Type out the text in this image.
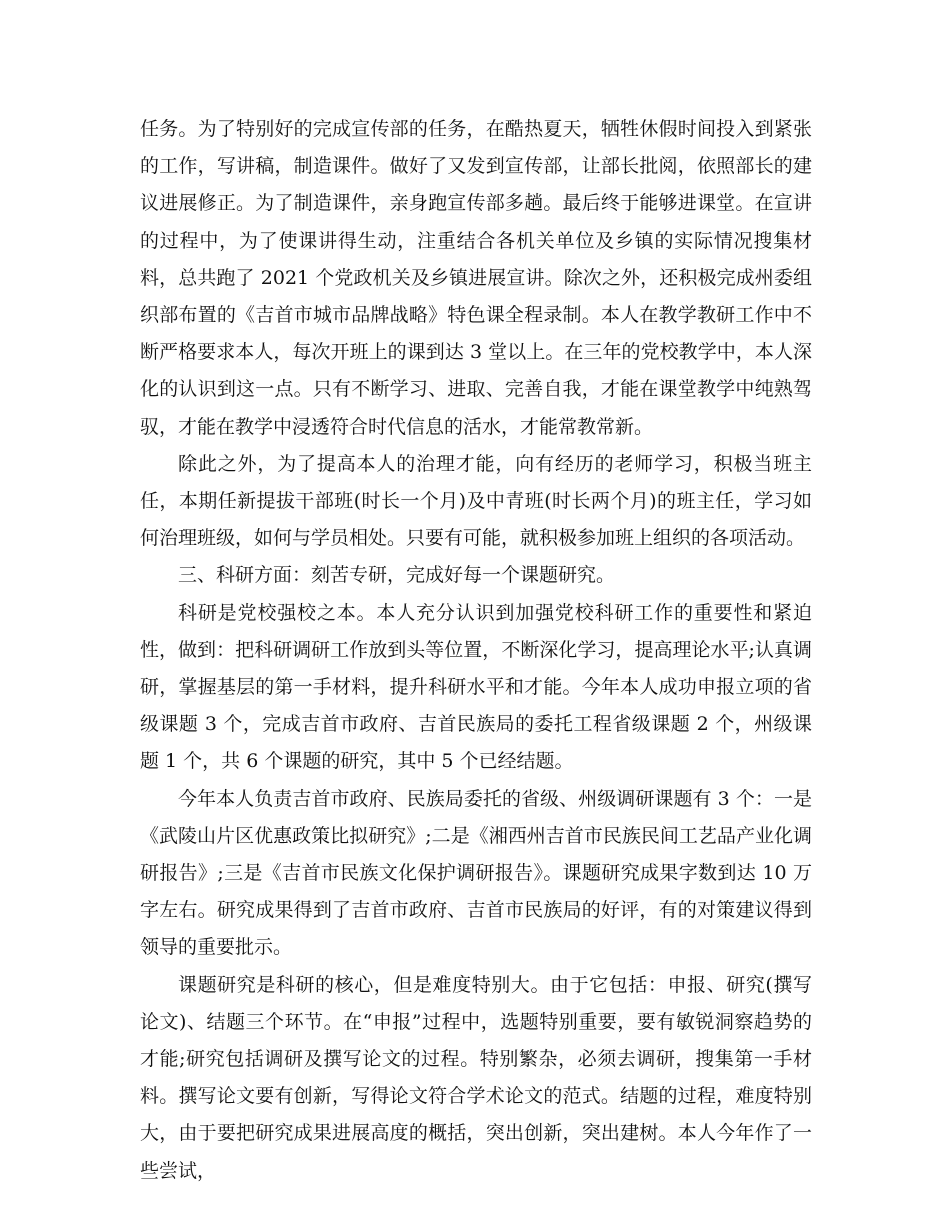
任务。为了特别好的完成宣传部的任务，在酷热夏天，牺牲休假时间投入到紧张的工作，写讲稿，制造课件。做好了又发到宣传部，让部长批阅，依照部长的建议进展修正。为了制造课件，亲身跑宣传部多趟。最后终于能够进课堂。在宣讲的过程中，为了使课讲得生动，注重结合各机关单位及乡镇的实际情况搜集材料，总共跑了 2021 个党政机关及乡镇进展宣讲。除次之外，还积极完成州委组织部布置的《吉首市城市品牌战略》特色课全程录制。本人在教学教研工作中不断严格要求本人，每次开班上的课到达 3 堂以上。在三年的党校教学中，本人深化的认识到这一点。只有不断学习、进取、完善自我，才能在课堂教学中纯熟驾驭，才能在教学中浸透符合时代信息的活水，才能常教常新。

除此之外，为了提高本人的治理才能，向有经历的老师学习，积极当班主任，本期任新提拔干部班(时长一个月)及中青班(时长两个月)的班主任，学习如何治理班级，如何与学员相处。只要有可能，就积极参加班上组织的各项活动。

三、科研方面：刻苦专研，完成好每一个课题研究。

科研是党校强校之本。本人充分认识到加强党校科研工作的重要性和紧迫性，做到：把科研调研工作放到头等位置，不断深化学习，提高理论水平;认真调研，掌握基层的第一手材料，提升科研水平和才能。今年本人成功申报立项的省级课题 3 个，完成吉首市政府、吉首民族局的委托工程省级课题 2 个，州级课题 1 个，共 6 个课题的研究，其中 5 个已经结题。

今年本人负责吉首市政府、民族局委托的省级、州级调研课题有 3 个：一是《武陵山片区优惠政策比拟研究》;二是《湘西州吉首市民族民间工艺品产业化调研报告》;三是《吉首市民族文化保护调研报告》。课题研究成果字数到达 10 万字左右。研究成果得到了吉首市政府、吉首市民族局的好评，有的对策建议得到领导的重要批示。

课题研究是科研的核心，但是难度特别大。由于它包括：申报、研究(撰写论文)、结题三个环节。在“申报”过程中，选题特别重要，要有敏锐洞察趋势的才能;研究包括调研及撰写论文的过程。特别繁杂，必须去调研，搜集第一手材料。撰写论文要有创新，写得论文符合学术论文的范式。结题的过程，难度特别大，由于要把研究成果进展高度的概括，突出创新，突出建树。本人今年作了一些尝试，
